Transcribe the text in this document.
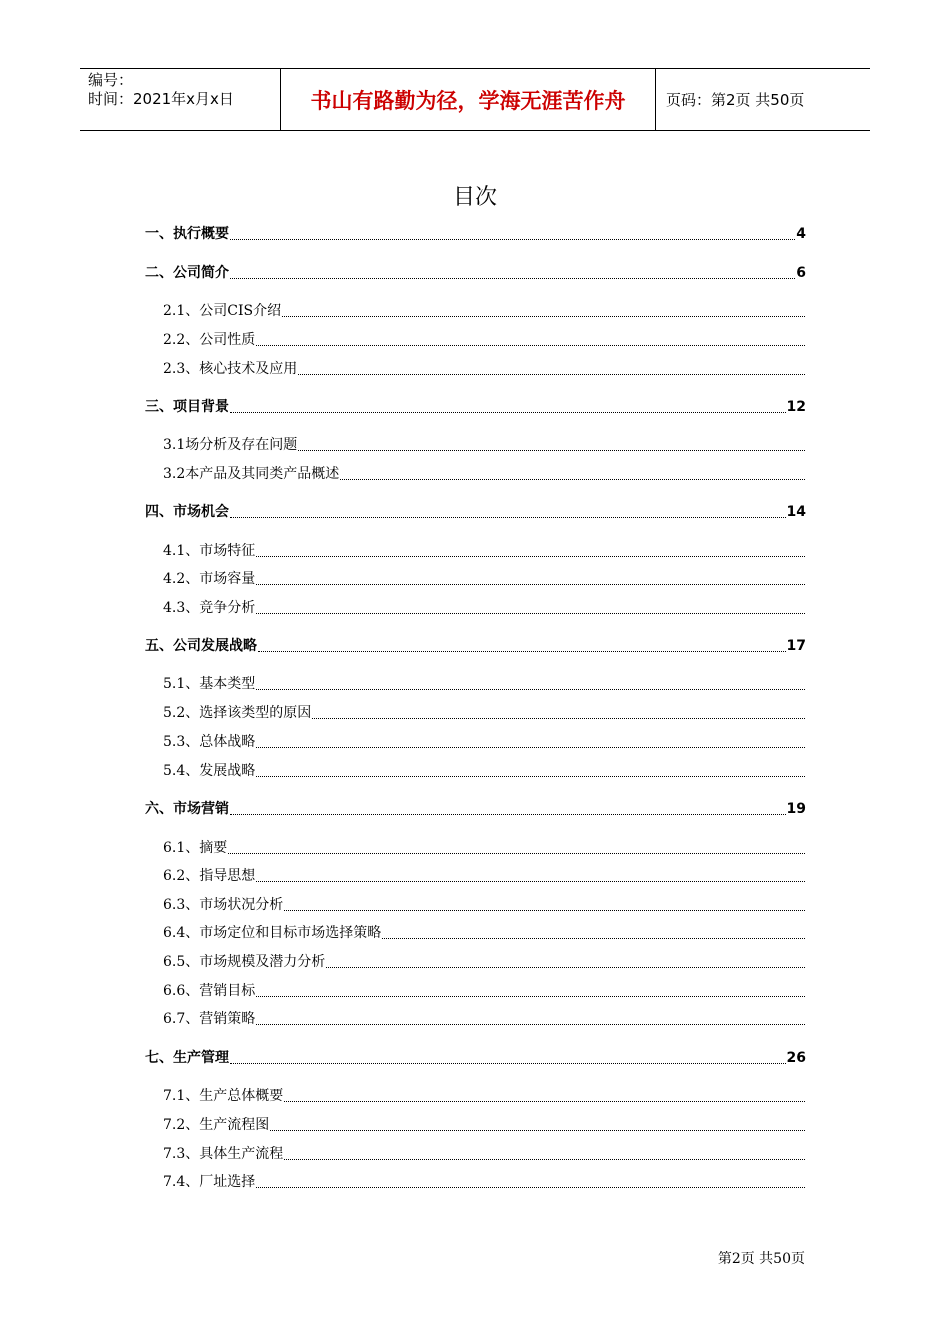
编号：
时间：2021年x月x日	书山有路勤为径，学海无涯苦作舟	页码：第2页 共50页
目次
一、执行概要	4
二、公司简介	6
2.1、公司CIS介绍
2.2、公司性质
2.3、核心技术及应用
三、项目背景	12
3.1场分析及存在问题
3.2本产品及其同类产品概述
四、市场机会	14
4.1、市场特征
4.2、市场容量
4.3、竞争分析
五、公司发展战略	17
5.1、基本类型
5.2、选择该类型的原因
5.3、总体战略
5.4、发展战略
六、市场营销	19
6.1、摘要
6.2、指导思想
6.3、市场状况分析
6.4、市场定位和目标市场选择策略
6.5、市场规模及潜力分析
6.6、营销目标
6.7、营销策略
七、生产管理	26
7.1、生产总体概要
7.2、生产流程图
7.3、具体生产流程
7.4、厂址选择
第2页 共50页
